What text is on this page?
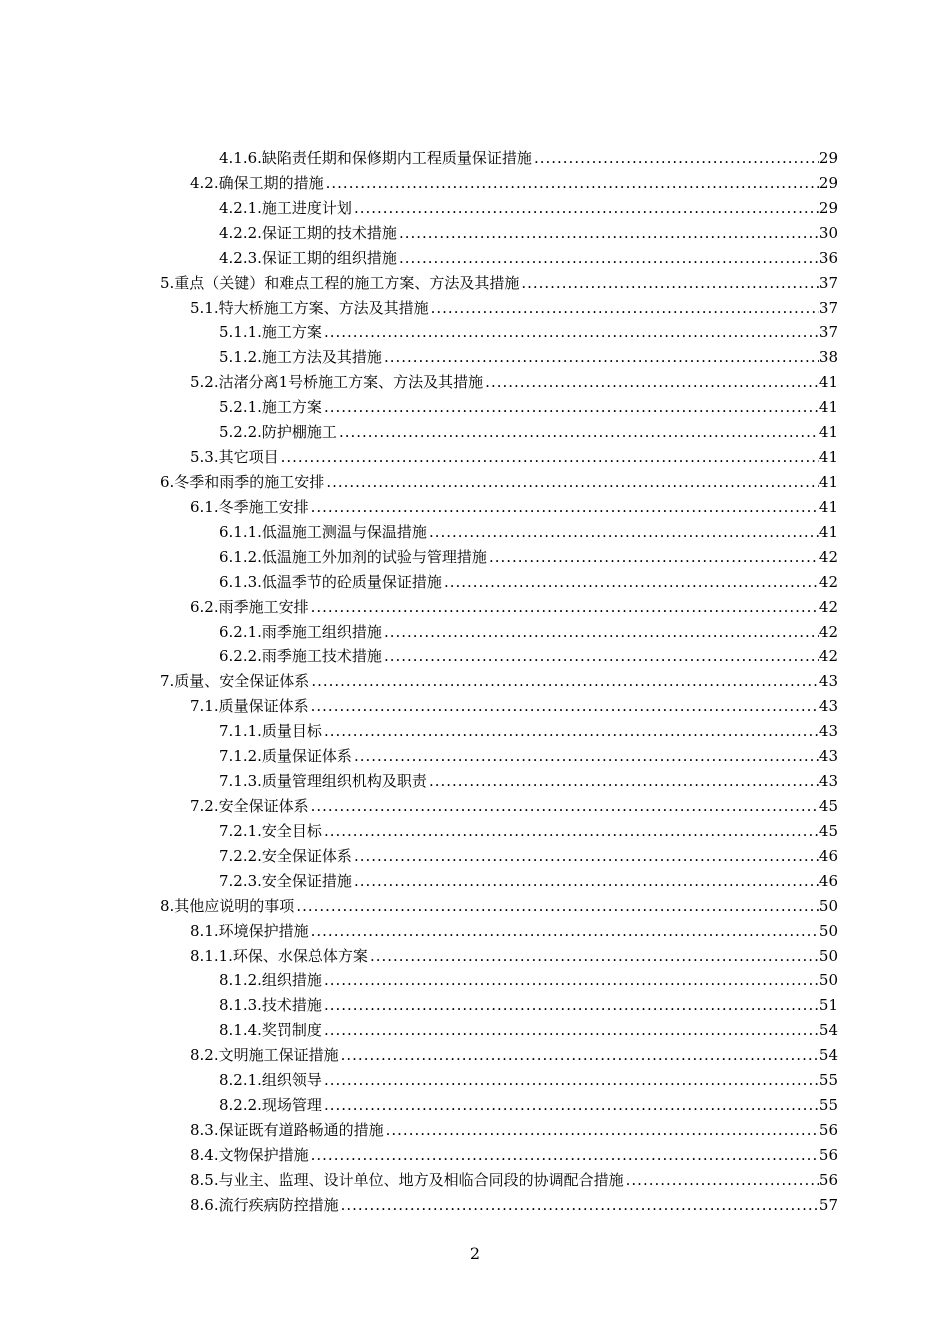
4.1.6.缺陷责任期和保修期内工程质量保证措施 .....	29
4.2.确保工期的措施 .....	29
4.2.1.施工进度计划 .....	29
4.2.2.保证工期的技术措施 .....	30
4.2.3.保证工期的组织措施 .....	36
5.重点（关键）和难点工程的施工方案、方法及其措施 .....	37
5.1.特大桥施工方案、方法及其措施 .....	37
5.1.1.施工方案 .....	37
5.1.2.施工方法及其措施 .....	38
5.2.沽渚分离1号桥施工方案、方法及其措施 .....	41
5.2.1.施工方案 .....	41
5.2.2.防护棚施工 .....	41
5.3.其它项目 .....	41
6.冬季和雨季的施工安排 .....	41
6.1.冬季施工安排 .....	41
6.1.1.低温施工测温与保温措施 .....	41
6.1.2.低温施工外加剂的试验与管理措施 .....	42
6.1.3.低温季节的砼质量保证措施 .....	42
6.2.雨季施工安排 .....	42
6.2.1.雨季施工组织措施 .....	42
6.2.2.雨季施工技术措施 .....	42
7.质量、安全保证体系 .....	43
7.1.质量保证体系 .....	43
7.1.1.质量目标 .....	43
7.1.2.质量保证体系 .....	43
7.1.3.质量管理组织机构及职责 .....	43
7.2.安全保证体系 .....	45
7.2.1.安全目标 .....	45
7.2.2.安全保证体系 .....	46
7.2.3.安全保证措施 .....	46
8.其他应说明的事项 .....	50
8.1.环境保护措施 .....	50
8.1.1.环保、水保总体方案 .....	50
8.1.2.组织措施 .....	50
8.1.3.技术措施 .....	51
8.1.4.奖罚制度 .....	54
8.2.文明施工保证措施 .....	54
8.2.1.组织领导 .....	55
8.2.2.现场管理 .....	55
8.3.保证既有道路畅通的措施 .....	56
8.4.文物保护措施 .....	56
8.5.与业主、监理、设计单位、地方及相临合同段的协调配合措施 .....	56
8.6.流行疾病防控措施 .....	57
2
